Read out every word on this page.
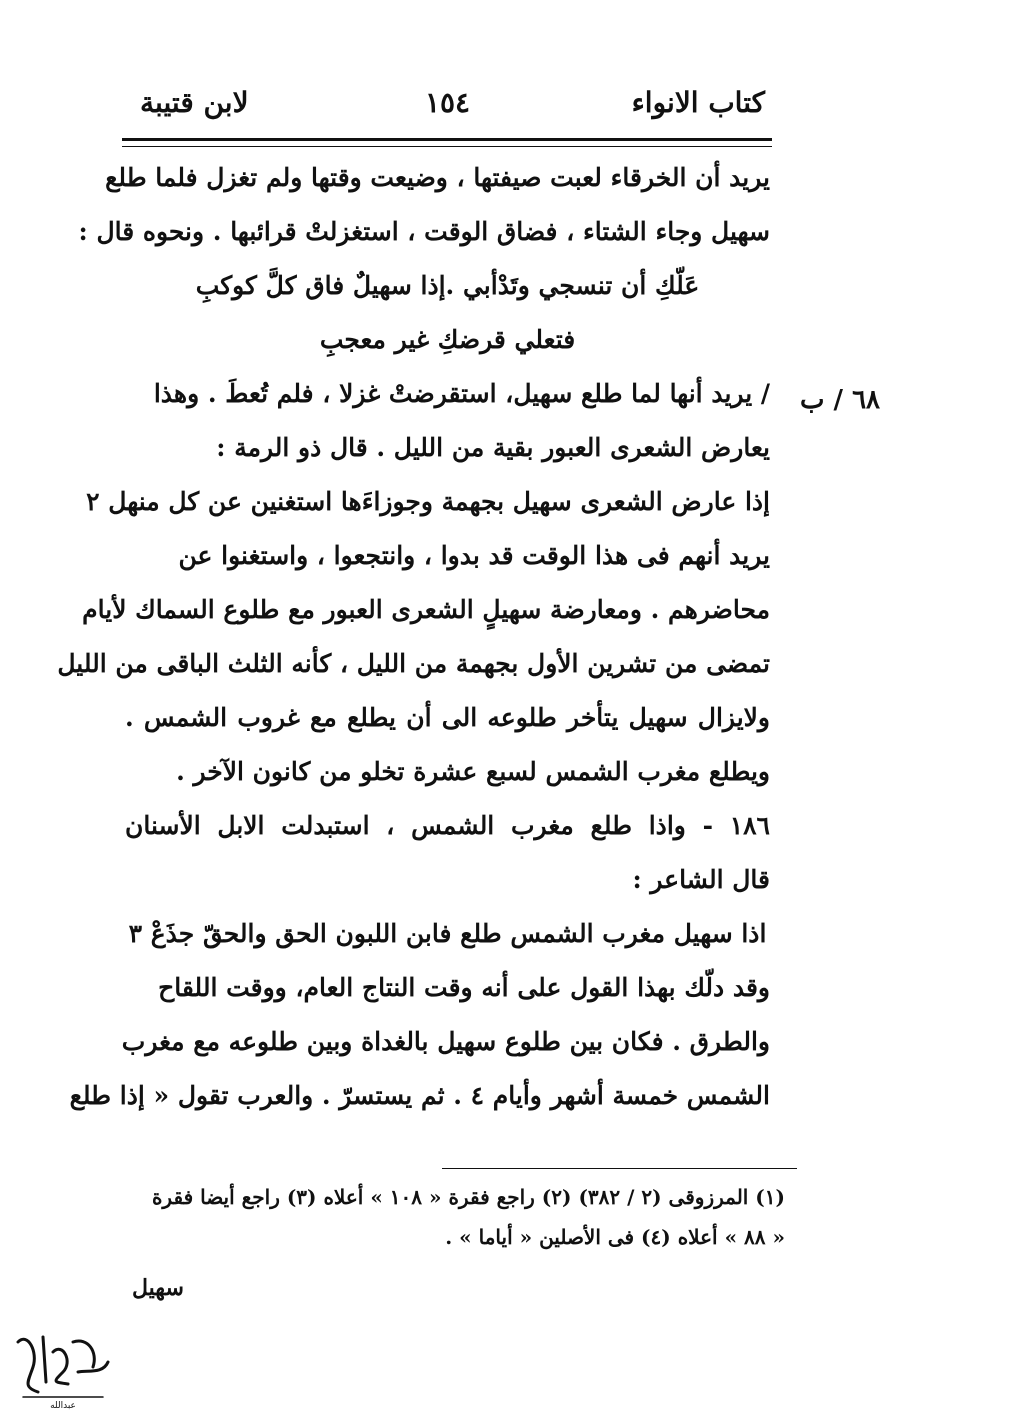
كتاب الانواء
١٥٤
لابن قتيبة
٦٨ / ب
يريد أن الخرقاء لعبت صيفتها ، وضيعت وقتها ولم تغزل فلما طلع
سهيل وجاء الشتاء ، فضاق الوقت ، استغزلتْ قرائبها . ونحوه قال :
عَلّكِ أن تنسجي وتَدْأبي .إذا سهيلٌ فاق كلَّ كوكبِ
فتعلي قرضكِ غير معجبِ
/ يريد أنها لما طلع سهيل، استقرضتْ غزلا ، فلم تُعطَ . وهذا
يعارض الشعرى العبور بقية من الليل . قال ذو الرمة :
إذا عارض الشعرى سهيل بجهمة وجوزاءَها استغنين عن كل منهل ٢
يريد أنهم فى هذا الوقت قد بدوا ، وانتجعوا ، واستغنوا عن
محاضرهم . ومعارضة سهيلٍ الشعرى العبور مع طلوع السماك لأيام
تمضى من تشرين الأول بجهمة من الليل ، كأنه الثلث الباقى من الليل
ولايزال سهيل يتأخر طلوعه الى أن يطلع مع غروب الشمس .
ويطلع مغرب الشمس لسبع عشرة تخلو من كانون الآخر .
١٨٦ - واذا طلع مغرب الشمس ، استبدلت الابل الأسنان
قال الشاعر :
اذا سهيل مغرب الشمس طلع فابن اللبون الحق والحقّ جذَعْ ٣
وقد دلّك بهذا القول على أنه وقت النتاج العام، ووقت اللقاح
والطرق . فكان بين طلوع سهيل بالغداة وبين طلوعه مع مغرب
الشمس خمسة أشهر وأيام ٤ . ثم يستسرّ . والعرب تقول « إذا طلع
(١) المرزوقى (٢ / ٣٨٢) (٢) راجع فقرة « ١٠٨ » أعلاه (٣) راجع أيضا فقرة
« ٨٨ » أعلاه (٤) فى الأصلين « أياما » .
سهيل
عبدالله
